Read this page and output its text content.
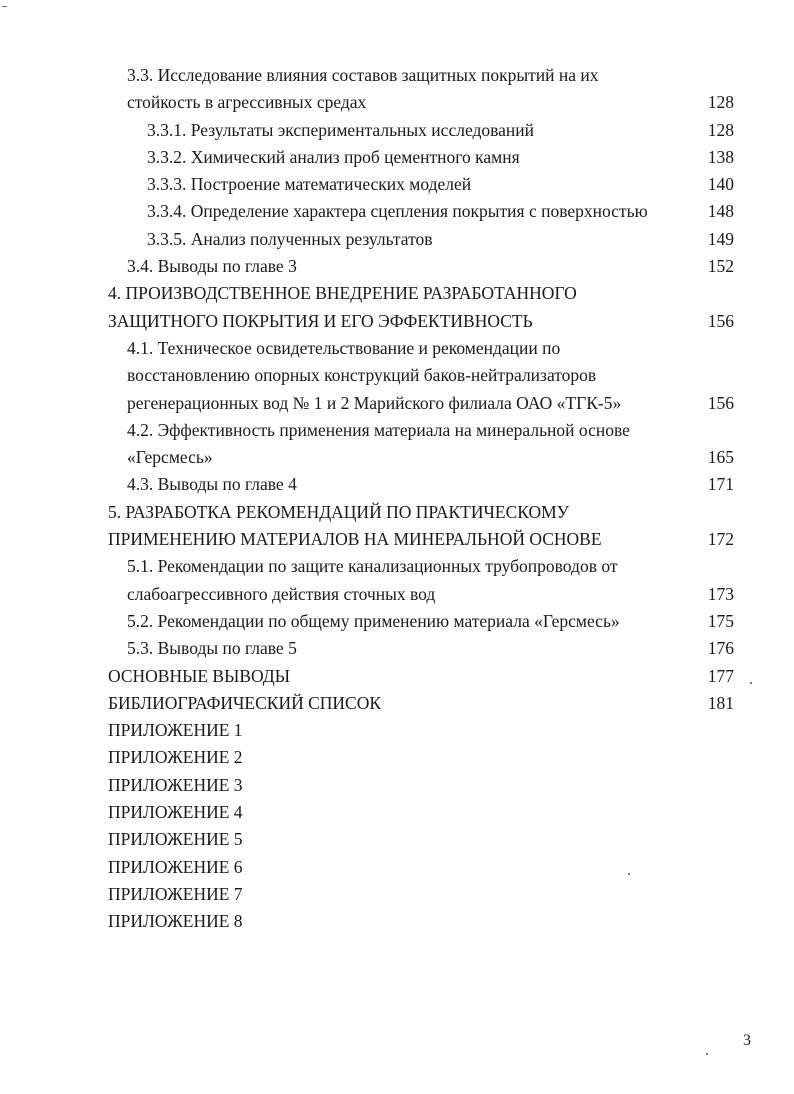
3.3. Исследование влияния составов защитных покрытий на их
стойкость в агрессивных средах	128
3.3.1. Результаты экспериментальных исследований	128
3.3.2. Химический анализ проб цементного камня	138
3.3.3. Построение математических моделей	140
3.3.4. Определение характера сцепления покрытия с поверхностью	148
3.3.5. Анализ полученных результатов	149
3.4. Выводы по главе 3	152
4. ПРОИЗВОДСТВЕННОЕ ВНЕДРЕНИЕ РАЗРАБОТАННОГО
ЗАЩИТНОГО ПОКРЫТИЯ И ЕГО ЭФФЕКТИВНОСТЬ	156
4.1. Техническое освидетельствование и рекомендации по
восстановлению опорных конструкций баков-нейтрализаторов
регенерационных вод № 1 и 2 Марийского филиала ОАО «ТГК-5»	156
4.2. Эффективность применения материала на минеральной основе
«Герсмесь»	165
4.3. Выводы по главе 4	171
5. РАЗРАБОТКА РЕКОМЕНДАЦИЙ ПО ПРАКТИЧЕСКОМУ
ПРИМЕНЕНИЮ МАТЕРИАЛОВ НА МИНЕРАЛЬНОЙ ОСНОВЕ	172
5.1. Рекомендации по защите канализационных трубопроводов от
слабоагрессивного действия сточных вод	173
5.2. Рекомендации по общему применению материала «Герсмесь»	175
5.3. Выводы по главе 5	176
ОСНОВНЫЕ ВЫВОДЫ	177
БИБЛИОГРАФИЧЕСКИЙ СПИСОК	181
ПРИЛОЖЕНИЕ 1
ПРИЛОЖЕНИЕ 2
ПРИЛОЖЕНИЕ 3
ПРИЛОЖЕНИЕ 4
ПРИЛОЖЕНИЕ 5
ПРИЛОЖЕНИЕ 6
ПРИЛОЖЕНИЕ 7
ПРИЛОЖЕНИЕ 8
3
